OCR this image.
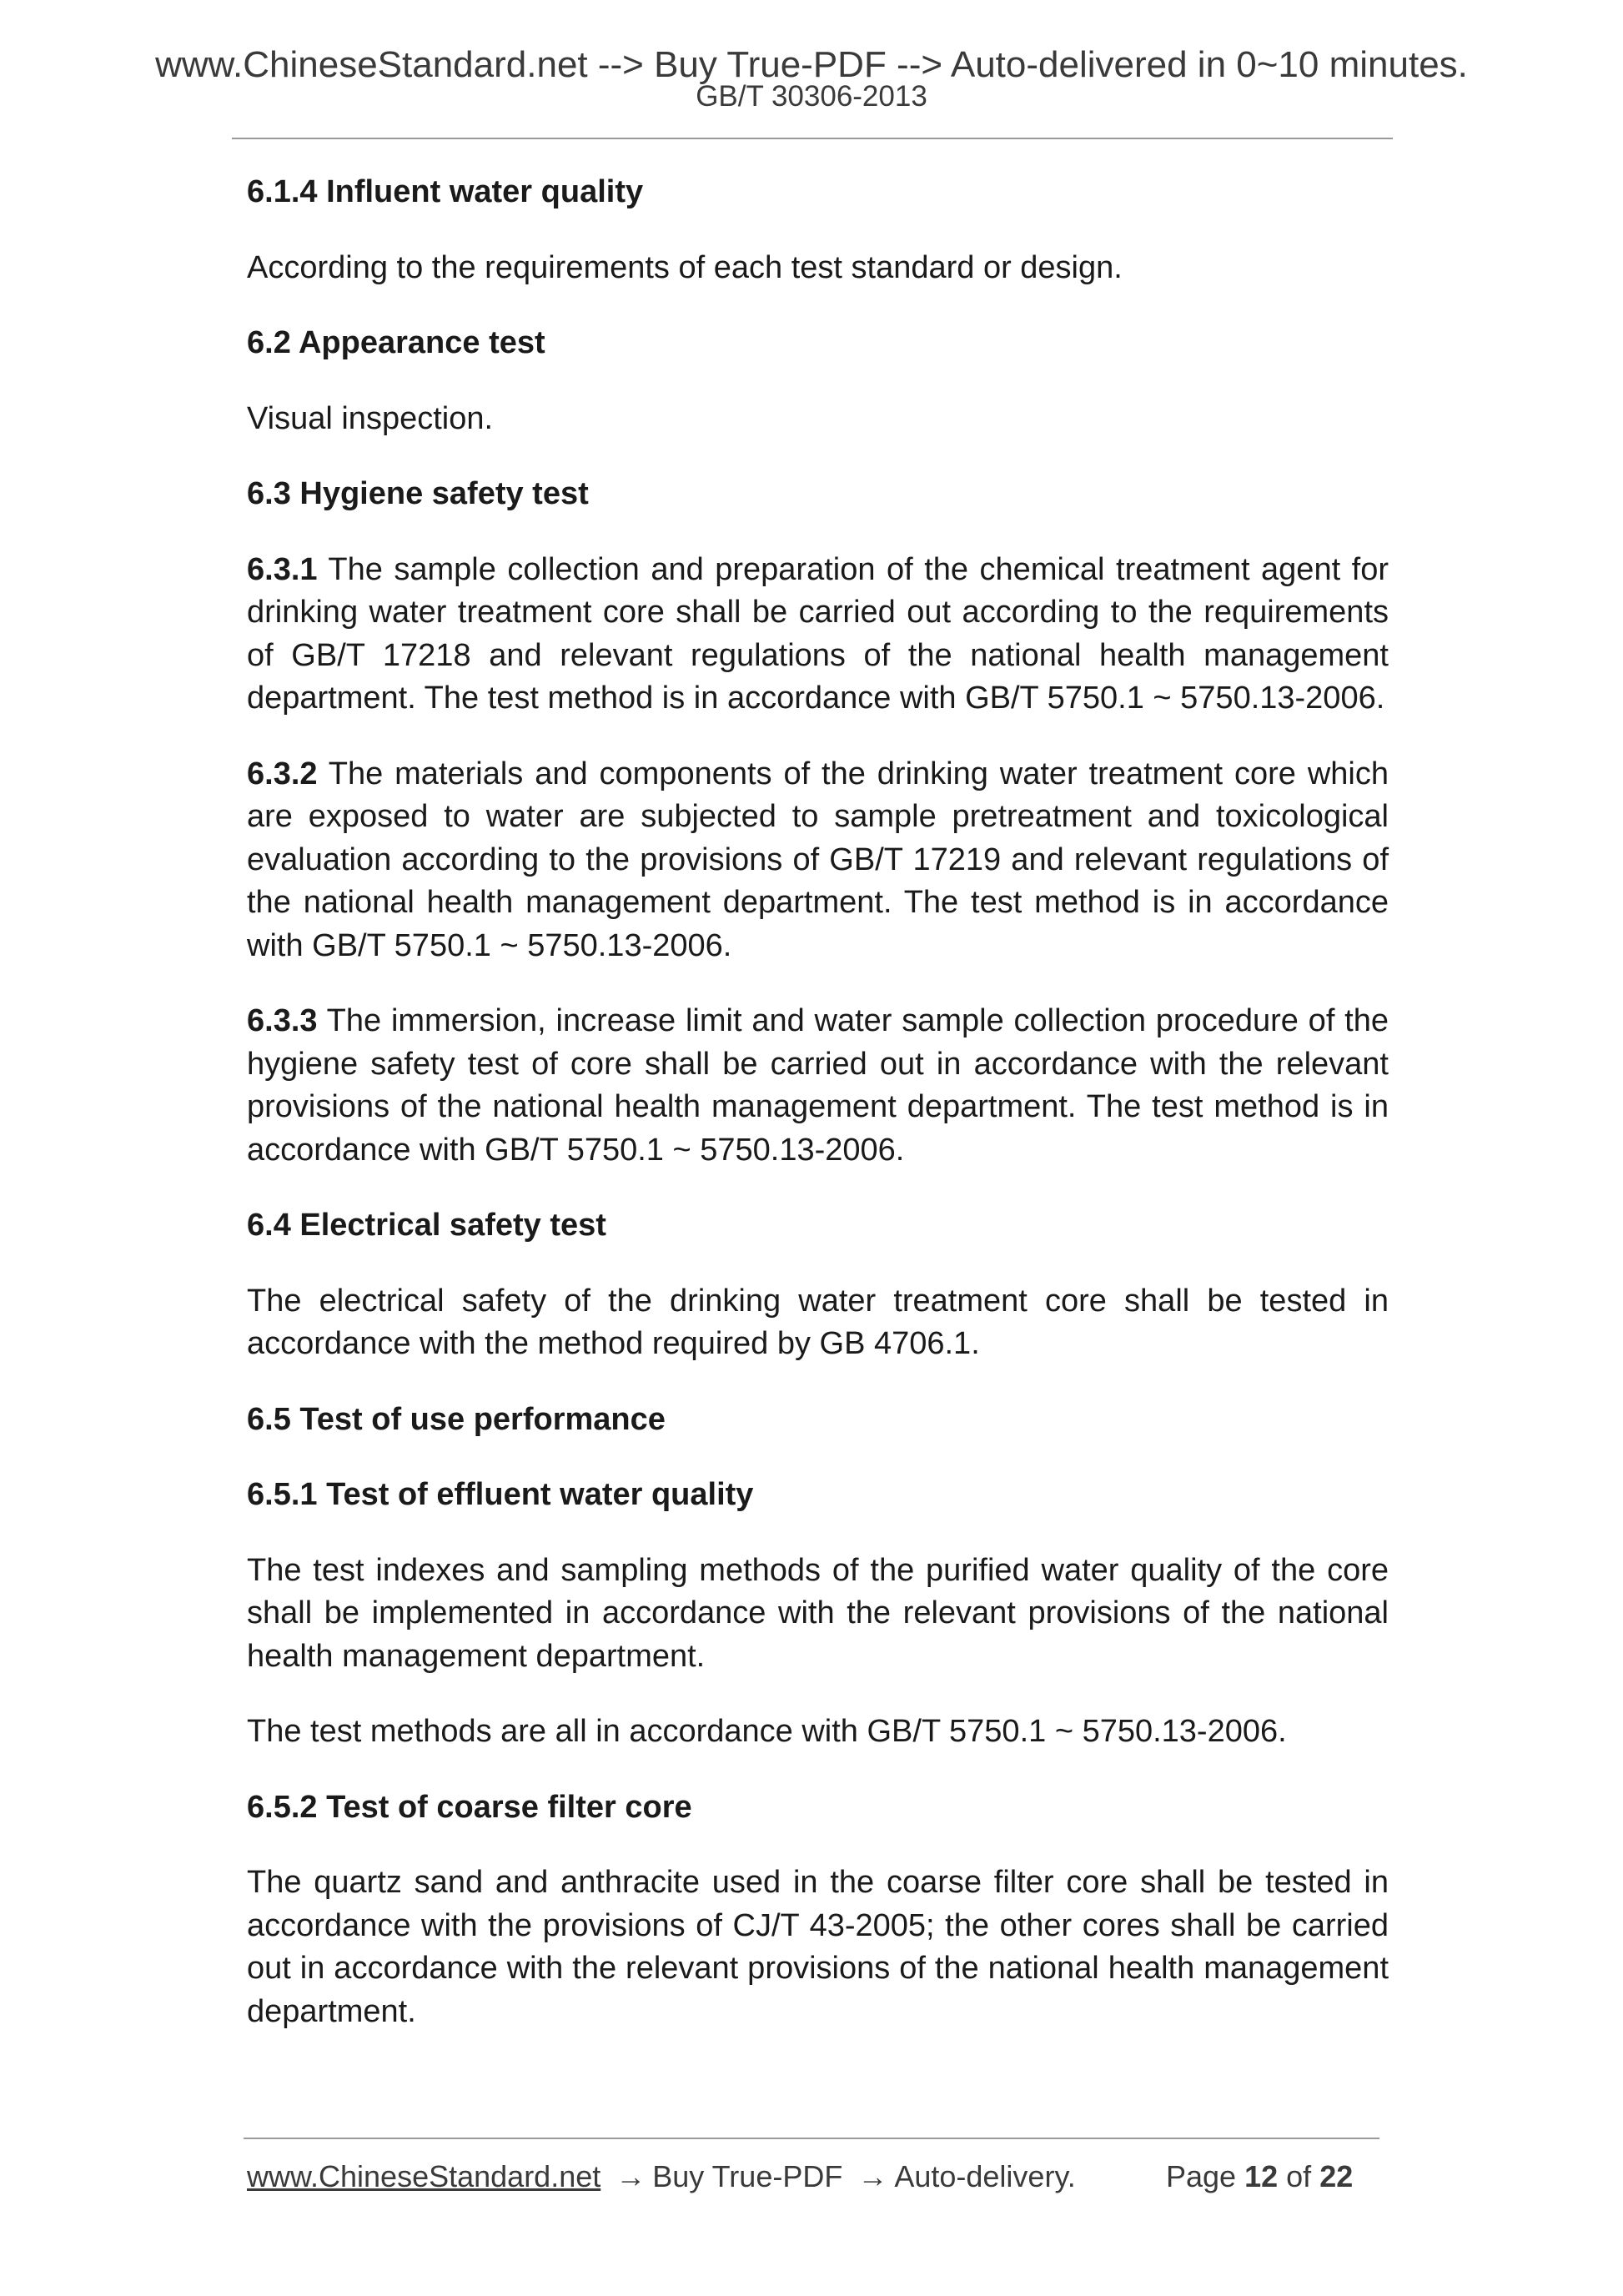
www.ChineseStandard.net --> Buy True-PDF --> Auto-delivered in 0~10 minutes.
GB/T 30306-2013

6.1.4 Influent water quality

According to the requirements of each test standard or design.

6.2 Appearance test

Visual inspection.

6.3 Hygiene safety test

6.3.1 The sample collection and preparation of the chemical treatment agent for drinking water treatment core shall be carried out according to the requirements of GB/T 17218 and relevant regulations of the national health management department. The test method is in accordance with GB/T 5750.1 ~ 5750.13-2006.

6.3.2 The materials and components of the drinking water treatment core which are exposed to water are subjected to sample pretreatment and toxicological evaluation according to the provisions of GB/T 17219 and relevant regulations of the national health management department. The test method is in accordance with GB/T 5750.1 ~ 5750.13-2006.

6.3.3 The immersion, increase limit and water sample collection procedure of the hygiene safety test of core shall be carried out in accordance with the relevant provisions of the national health management department. The test method is in accordance with GB/T 5750.1 ~ 5750.13-2006.

6.4 Electrical safety test

The electrical safety of the drinking water treatment core shall be tested in accordance with the method required by GB 4706.1.

6.5 Test of use performance

6.5.1 Test of effluent water quality

The test indexes and sampling methods of the purified water quality of the core shall be implemented in accordance with the relevant provisions of the national health management department.

The test methods are all in accordance with GB/T 5750.1 ~ 5750.13-2006.

6.5.2 Test of coarse filter core

The quartz sand and anthracite used in the coarse filter core shall be tested in accordance with the provisions of CJ/T 43-2005; the other cores shall be carried out in accordance with the relevant provisions of the national health management department.

www.ChineseStandard.net → Buy True-PDF → Auto-delivery.	Page 12 of 22
